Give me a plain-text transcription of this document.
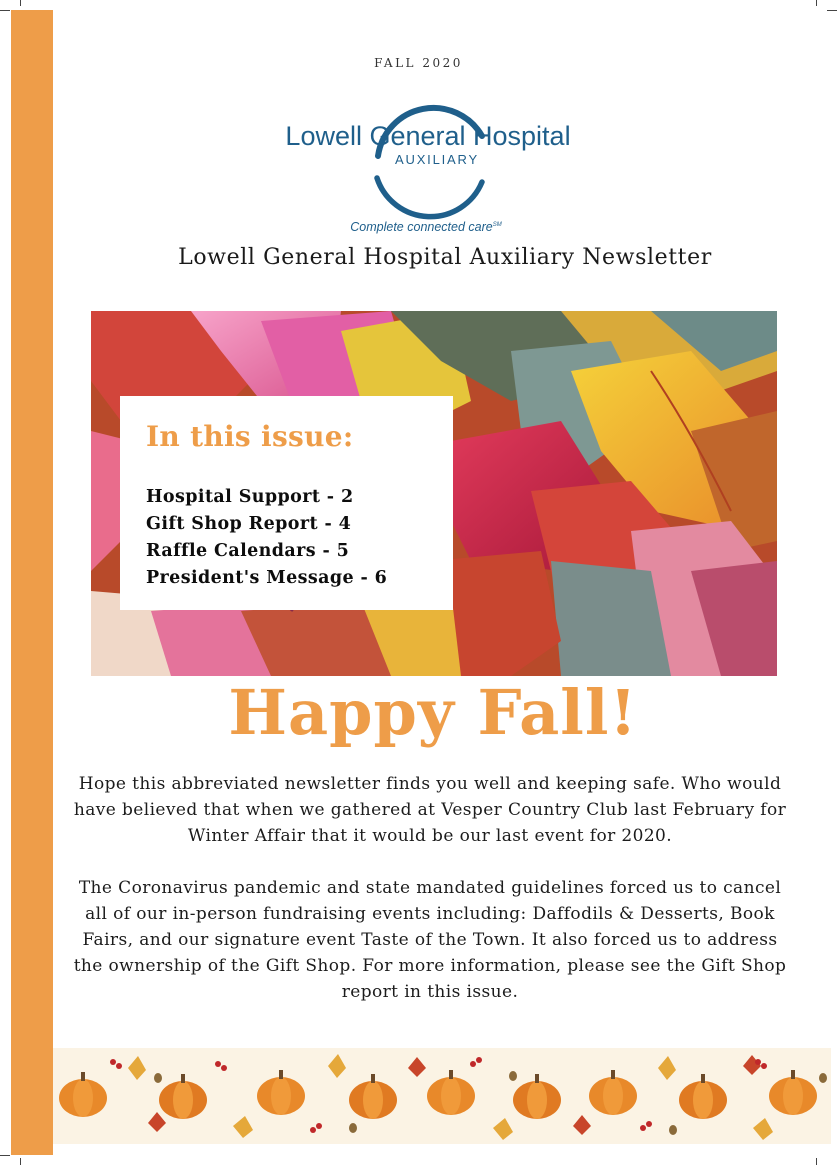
FALL 2020
Lowell General Hospital
AUXILIARY
Complete connected care℠
Lowell General Hospital Auxiliary Newsletter
In this issue:
Hospital Support - 2
Gift Shop Report - 4
Raffle Calendars - 5
President's Message - 6
Happy Fall!

Hope this abbreviated newsletter finds you well and keeping safe. Who would have believed that when we gathered at Vesper Country Club last February for Winter Affair that it would be our last event for 2020.

The Coronavirus pandemic and state mandated guidelines forced us to cancel all of our in-person fundraising events including: Daffodils & Desserts, Book Fairs, and our signature event Taste of the Town. It also forced us to address the ownership of the Gift Shop. For more information, please see the Gift Shop report in this issue.
